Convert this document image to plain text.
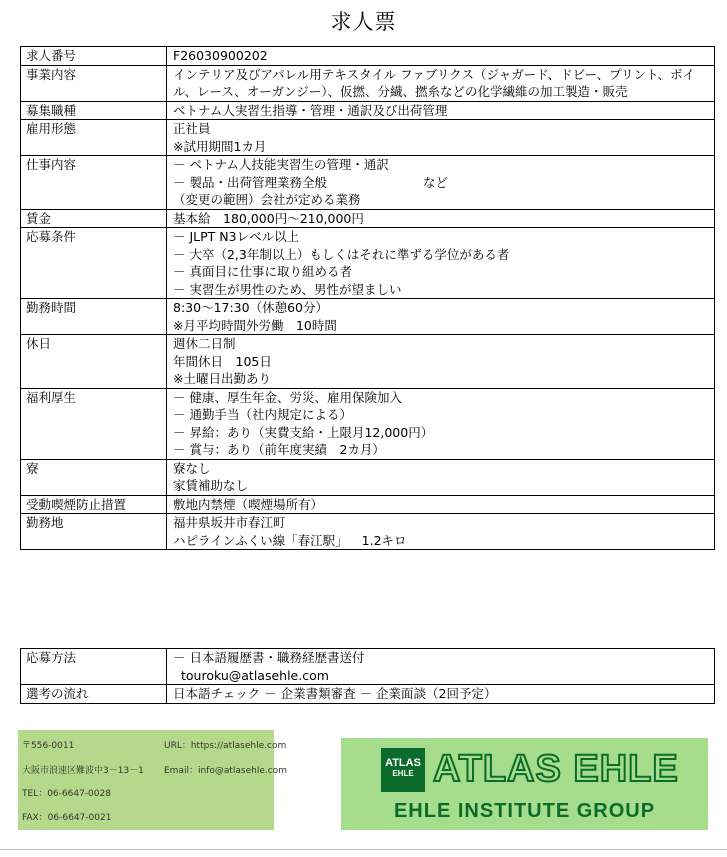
求人票
求人番号	F26030900202

事業内容	インテリア及びアパレル用テキスタイル ファブリクス（ジャガード、ドビー、プリント、ボイル、レース、オーガンジー）、仮撚、分繊、撚糸などの化学繊維の加工製造・販売

募集職種	ベトナム人実習生指導・管理・通訳及び出荷管理

雇用形態	正社員
※試用期間1カ月

仕事内容	－ ベトナム人技能実習生の管理・通訳
－ 製品・出荷管理業務全般 など
（変更の範囲）会社が定める業務

賃金	基本給　180,000円～210,000円

応募条件	－ JLPT N3レベル以上
－ 大卒（2,3年制以上）もしくはそれに準ずる学位がある者
－ 真面目に仕事に取り組める者
－ 実習生が男性のため、男性が望ましい

勤務時間	8:30～17:30（休憩60分）
※月平均時間外労働　10時間

休日	週休二日制
年間休日　105日
※土曜日出勤あり

福利厚生	－ 健康、厚生年金、労災、雇用保険加入
－ 通勤手当（社内規定による）
－ 昇給：あり（実費支給・上限月12,000円）
－ 賞与：あり（前年度実績　2カ月）

寮	寮なし
家賃補助なし

受動喫煙防止措置	敷地内禁煙（喫煙場所有）

勤務地	福井県坂井市春江町
ハピラインふくい線「春江駅」 1.2キロ
応募方法	－ 日本語履歴書・職務経歴書送付
touroku@atlasehle.com

選考の流れ	日本語チェック － 企業書類審査 － 企業面談（2回予定）
〒556-0011	URL：https://atlasehle.com
大阪市浪速区難波中3－13－1 Email：info@atlasehle.com
TEL：06-6647-0028
FAX：06-6647-0021
ATLAS
EHLE ATLAS EHLE
EHLE INSTITUTE GROUP
